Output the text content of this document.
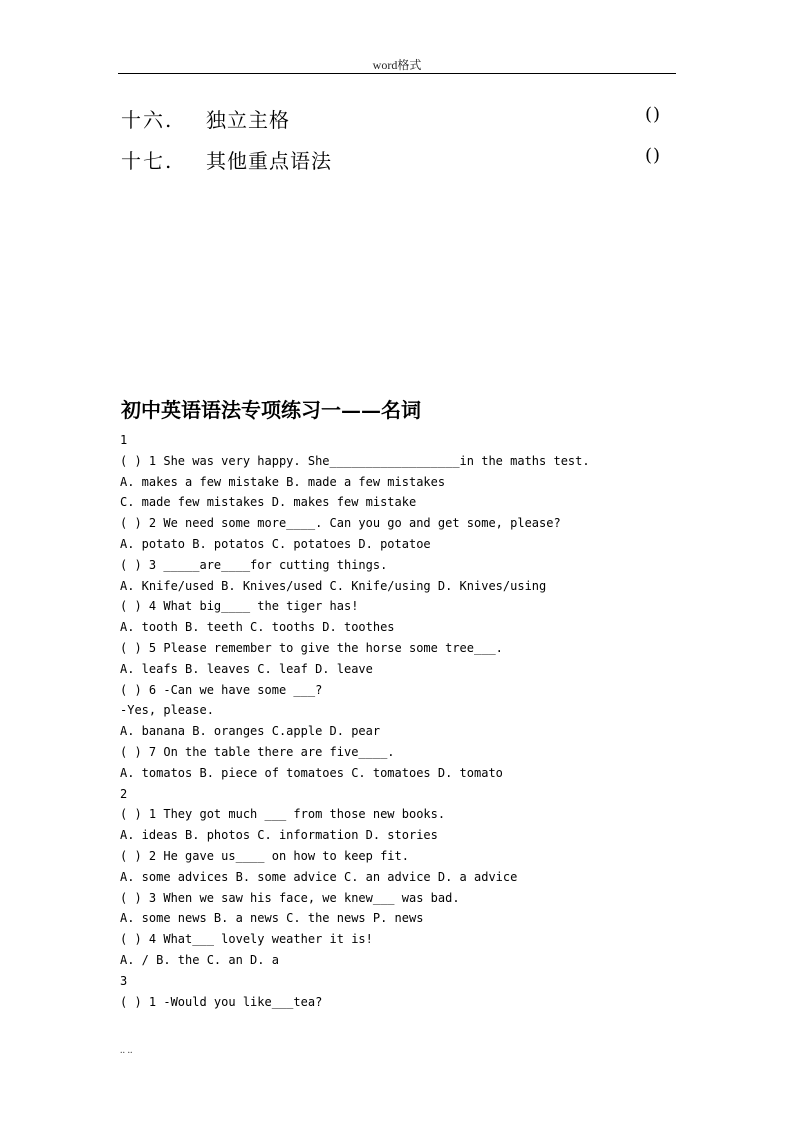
word格式
十六. 独立主格	()
十七. 其他重点语法	()
初中英语语法专项练习一——名词
1
( ) 1 She was very happy. She__________________in the maths test.
A. makes a few mistake B. made a few mistakes
C. made few mistakes D. makes few mistake
( ) 2 We need some more____. Can you go and get some, please?
A. potato B. potatos C. potatoes D. potatoe
( ) 3 _____are____for cutting things.
A. Knife/used B. Knives/used C. Knife/using D. Knives/using
( ) 4 What big____ the tiger has!
A. tooth B. teeth C. tooths D. toothes
( ) 5 Please remember to give the horse some tree___.
A. leafs B. leaves C. leaf D. leave
( ) 6 -Can we have some ___?
-Yes, please.
A. banana B. oranges C.apple D. pear
( ) 7 On the table there are five____.
A. tomatos B. piece of tomatoes C. tomatoes D. tomato
2
( ) 1 They got much ___ from those new books.
A. ideas B. photos C. information D. stories
( ) 2 He gave us____ on how to keep fit.
A. some advices B. some advice C. an advice D. a advice
( ) 3 When we saw his face, we knew___ was bad.
A. some news B. a news C. the news P. news
( ) 4 What___ lovely weather it is!
A. / B. the C. an D. a
3
( ) 1 -Would you like___tea?
.. ..
